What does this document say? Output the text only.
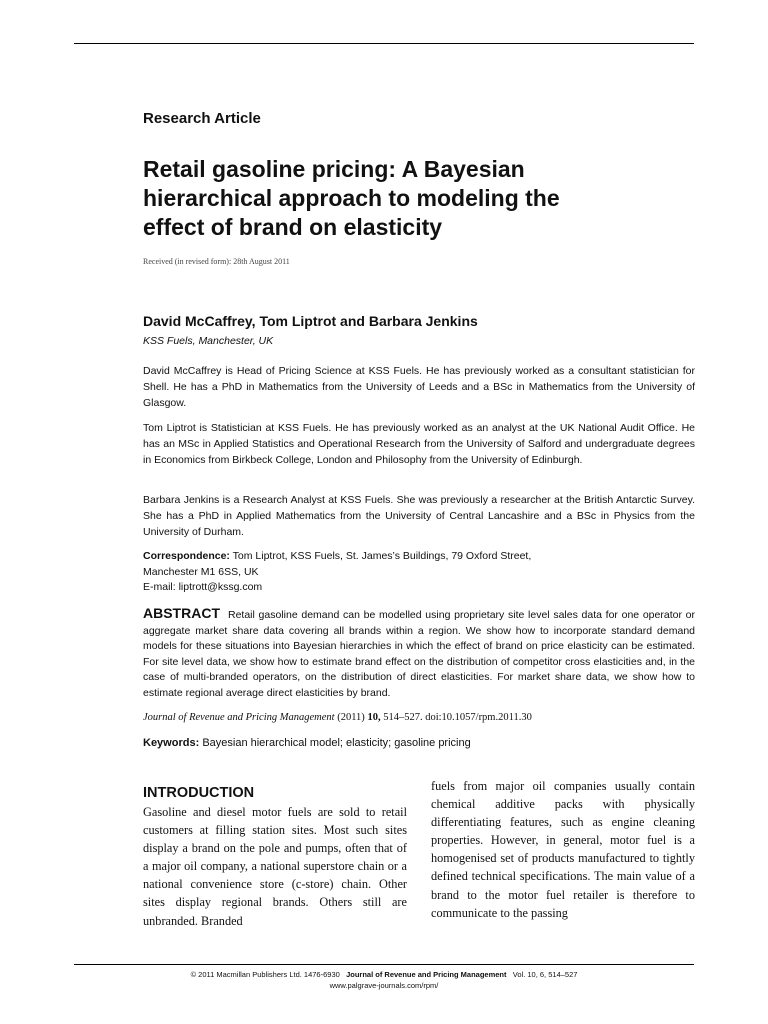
Research Article
Retail gasoline pricing: A Bayesian hierarchical approach to modeling the effect of brand on elasticity
Received (in revised form): 28th August 2011
David McCaffrey, Tom Liptrot and Barbara Jenkins
KSS Fuels, Manchester, UK

David McCaffrey is Head of Pricing Science at KSS Fuels. He has previously worked as a consultant statistician for Shell. He has a PhD in Mathematics from the University of Leeds and a BSc in Mathematics from the University of Glasgow.

Tom Liptrot is Statistician at KSS Fuels. He has previously worked as an analyst at the UK National Audit Office. He has an MSc in Applied Statistics and Operational Research from the University of Salford and undergraduate degrees in Economics from Birkbeck College, London and Philosophy from the University of Edinburgh.

Barbara Jenkins is a Research Analyst at KSS Fuels. She was previously a researcher at the British Antarctic Survey. She has a PhD in Applied Mathematics from the University of Central Lancashire and a BSc in Physics from the University of Durham.

Correspondence: Tom Liptrot, KSS Fuels, St. James’s Buildings, 79 Oxford Street,
Manchester M1 6SS, UK
E-mail: liptrott@kssg.com

ABSTRACT Retail gasoline demand can be modelled using proprietary site level sales data for one operator or aggregate market share data covering all brands within a region. We show how to incorporate standard demand models for these situations into Bayesian hierarchies in which the effect of brand on price elasticity can be estimated. For site level data, we show how to estimate brand effect on the distribution of competitor cross elasticities and, in the case of multi-branded operators, on the distribution of direct elasticities. For market share data, we show how to estimate regional average direct elasticities by brand.

Journal of Revenue and Pricing Management (2011) 10, 514–527. doi:10.1057/rpm.2011.30
Keywords: Bayesian hierarchical model; elasticity; gasoline pricing
INTRODUCTION

Gasoline and diesel motor fuels are sold to retail customers at filling station sites. Most such sites display a brand on the pole and pumps, often that of a major oil company, a national superstore chain or a national convenience store (c-store) chain. Other sites display regional brands. Others still are unbranded. Branded

fuels from major oil companies usually contain chemical additive packs with physically differentiating features, such as engine cleaning properties. However, in general, motor fuel is a homogenised set of products manufactured to tightly defined technical specifications. The main value of a brand to the motor fuel retailer is therefore to communicate to the passing

© 2011 Macmillan Publishers Ltd. 1476-6930 Journal of Revenue and Pricing Management Vol. 10, 6, 514–527
www.palgrave-journals.com/rpm/
